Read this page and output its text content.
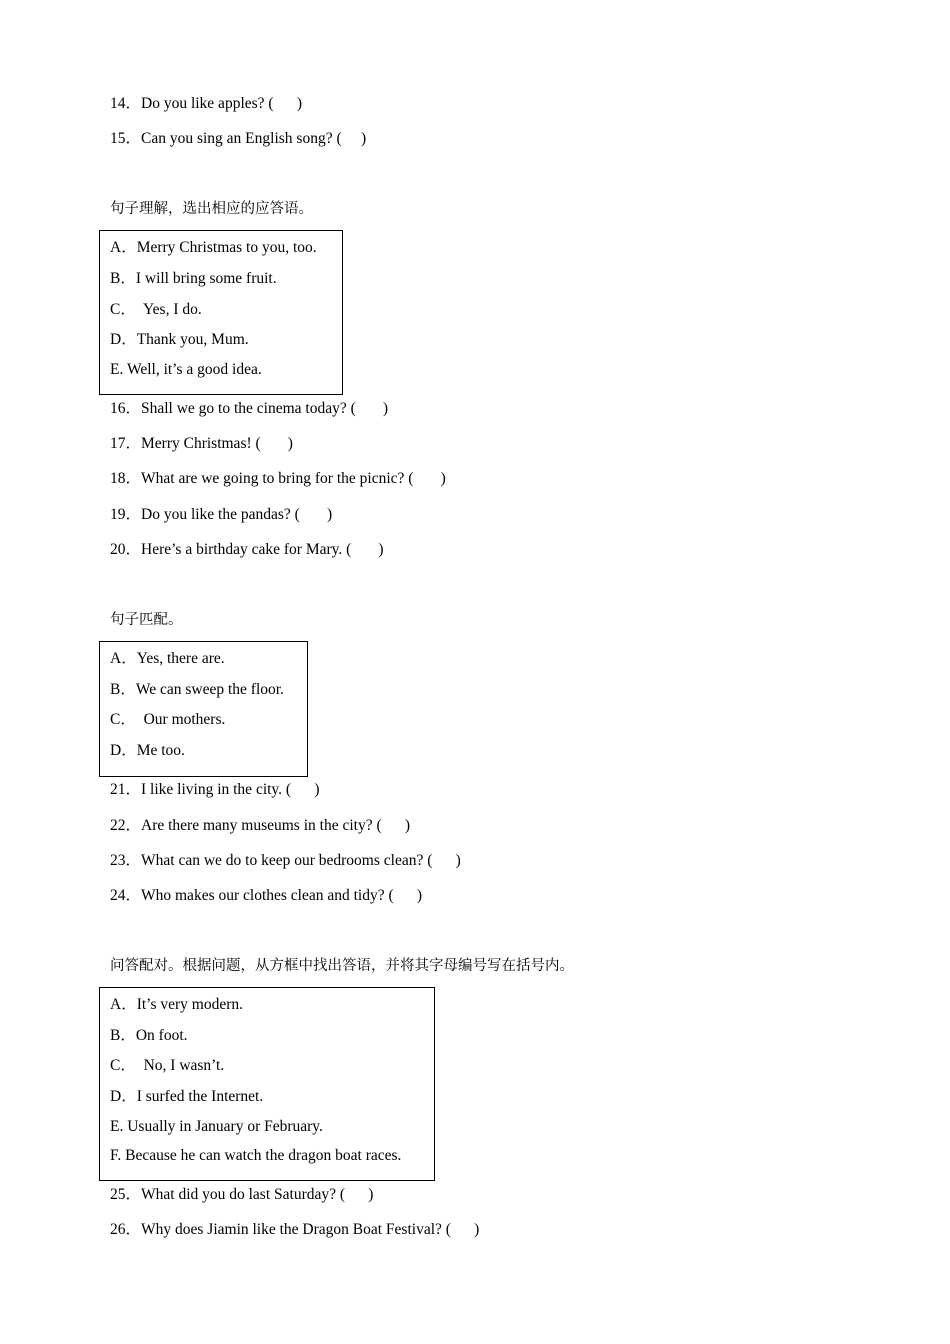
14．Do you like apples? (      )
15．Can you sing an English song? (     )
句子理解，选出相应的应答语。
A．Merry Christmas to you, too.
B．I will bring some fruit.
C．  Yes, I do.
D．Thank you, Mum.
E. Well, it’s a good idea.
16．Shall we go to the cinema today? (       )
17．Merry Christmas! (       )
18．What are we going to bring for the picnic? (       )
19．Do you like the pandas? (       )
20．Here’s a birthday cake for Mary. (       )
句子匹配。
A．Yes, there are.
B．We can sweep the floor.
C．  Our mothers.
D．Me too.
21．I like living in the city. (      )
22．Are there many museums in the city? (      )
23．What can we do to keep our bedrooms clean? (      )
24．Who makes our clothes clean and tidy? (      )
问答配对。根据问题，从方框中找出答语，并将其字母编号写在括号内。
A．It’s very modern.
B．On foot.
C．  No, I wasn’t.
D．I surfed the Internet.
E. Usually in January or February.
F. Because he can watch the dragon boat races.
25．What did you do last Saturday? (      )
26．Why does Jiamin like the Dragon Boat Festival? (      )
